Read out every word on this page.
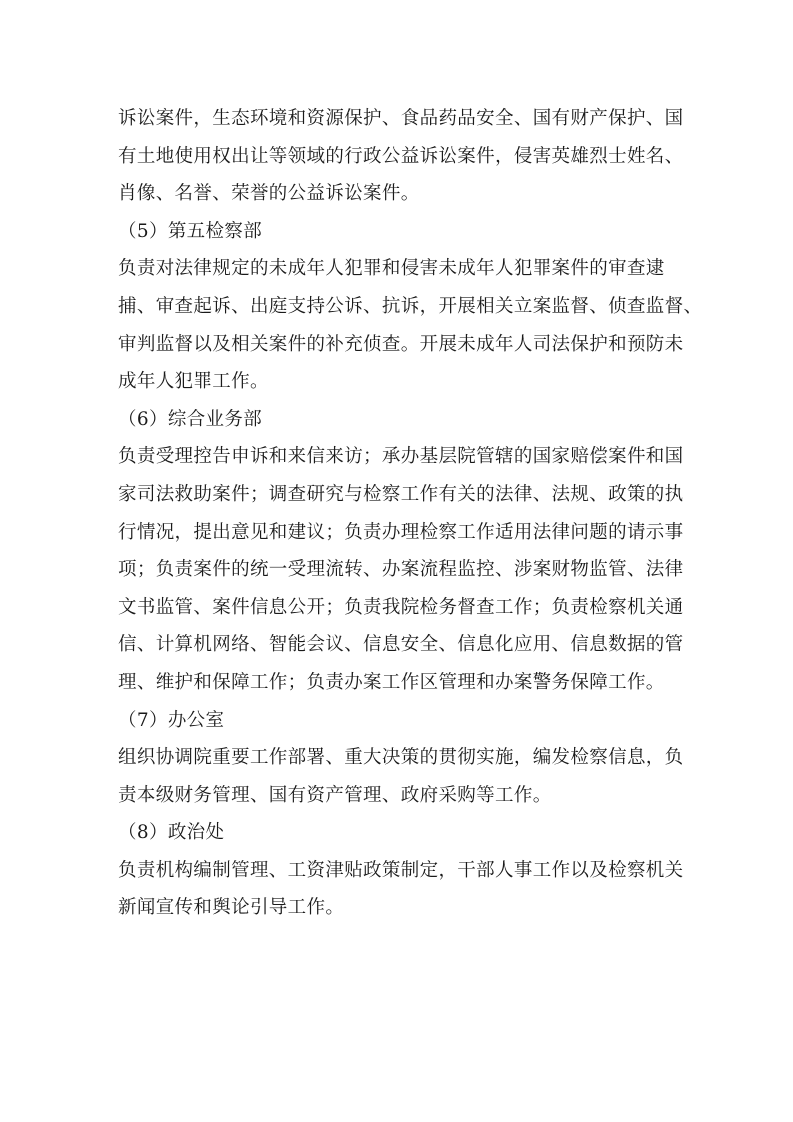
诉讼案件，生态环境和资源保护、食品药品安全、国有财产保护、国
有土地使用权出让等领域的行政公益诉讼案件，侵害英雄烈士姓名、
肖像、名誉、荣誉的公益诉讼案件。
（5）第五检察部
负责对法律规定的未成年人犯罪和侵害未成年人犯罪案件的审查逮
捕、审查起诉、出庭支持公诉、抗诉，开展相关立案监督、侦查监督、
审判监督以及相关案件的补充侦查。开展未成年人司法保护和预防未
成年人犯罪工作。
（6）综合业务部
负责受理控告申诉和来信来访；承办基层院管辖的国家赔偿案件和国
家司法救助案件；调查研究与检察工作有关的法律、法规、政策的执
行情况，提出意见和建议；负责办理检察工作适用法律问题的请示事
项；负责案件的统一受理流转、办案流程监控、涉案财物监管、法律
文书监管、案件信息公开；负责我院检务督查工作；负责检察机关通
信、计算机网络、智能会议、信息安全、信息化应用、信息数据的管
理、维护和保障工作；负责办案工作区管理和办案警务保障工作。
（7）办公室
组织协调院重要工作部署、重大决策的贯彻实施，编发检察信息，负
责本级财务管理、国有资产管理、政府采购等工作。
（8）政治处
负责机构编制管理、工资津贴政策制定，干部人事工作以及检察机关
新闻宣传和舆论引导工作。
